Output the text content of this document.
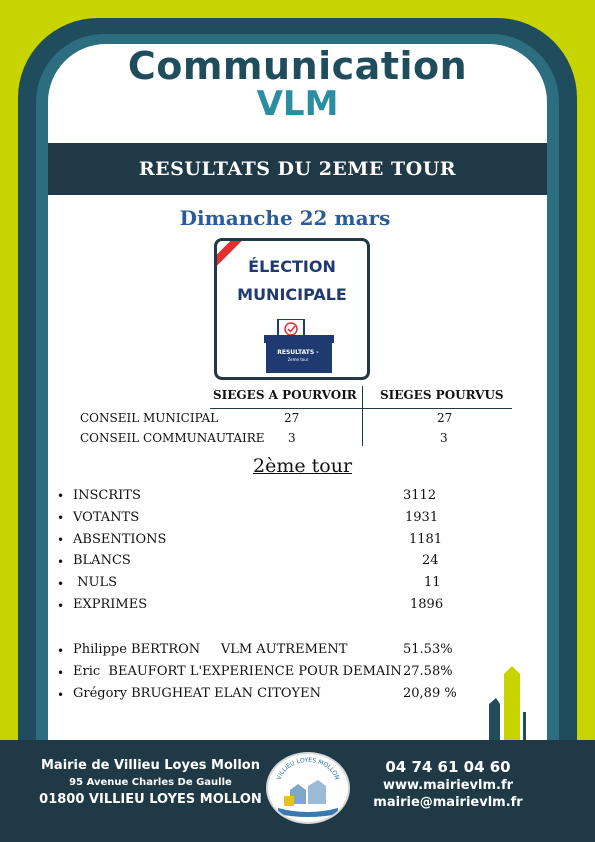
Communication
VLM
RESULTATS DU 2EME TOUR
Dimanche 22 mars
ÉLECTION
MUNICIPALE
RESULTATS -
2eme tour
SIEGES A POURVOIR SIEGES POURVUS
CONSEIL MUNICIPAL	27	27
CONSEIL COMMUNAUTAIRE 3	3
2ème tour
• INSCRITS	3112
• VOTANTS	1931
• ABSENTIONS	1181
• BLANCS	24
• NULS	11
• EXPRIMES	1896
• Philippe BERTRON     VLM AUTREMENT	51.53%
• Eric  BEAUFORT L'EXPERIENCE POUR DEMAIN 27.58%
• Grégory BRUGHEAT ELAN CITOYEN	20,89 %
Mairie de Villieu Loyes Mollon
95 Avenue Charles De Gaulle
01800 VILLIEU LOYES MOLLON
VILLIEU LOYES MOLLON
04 74 61 04 60
www.mairievlm.fr
mairie@mairievlm.fr
